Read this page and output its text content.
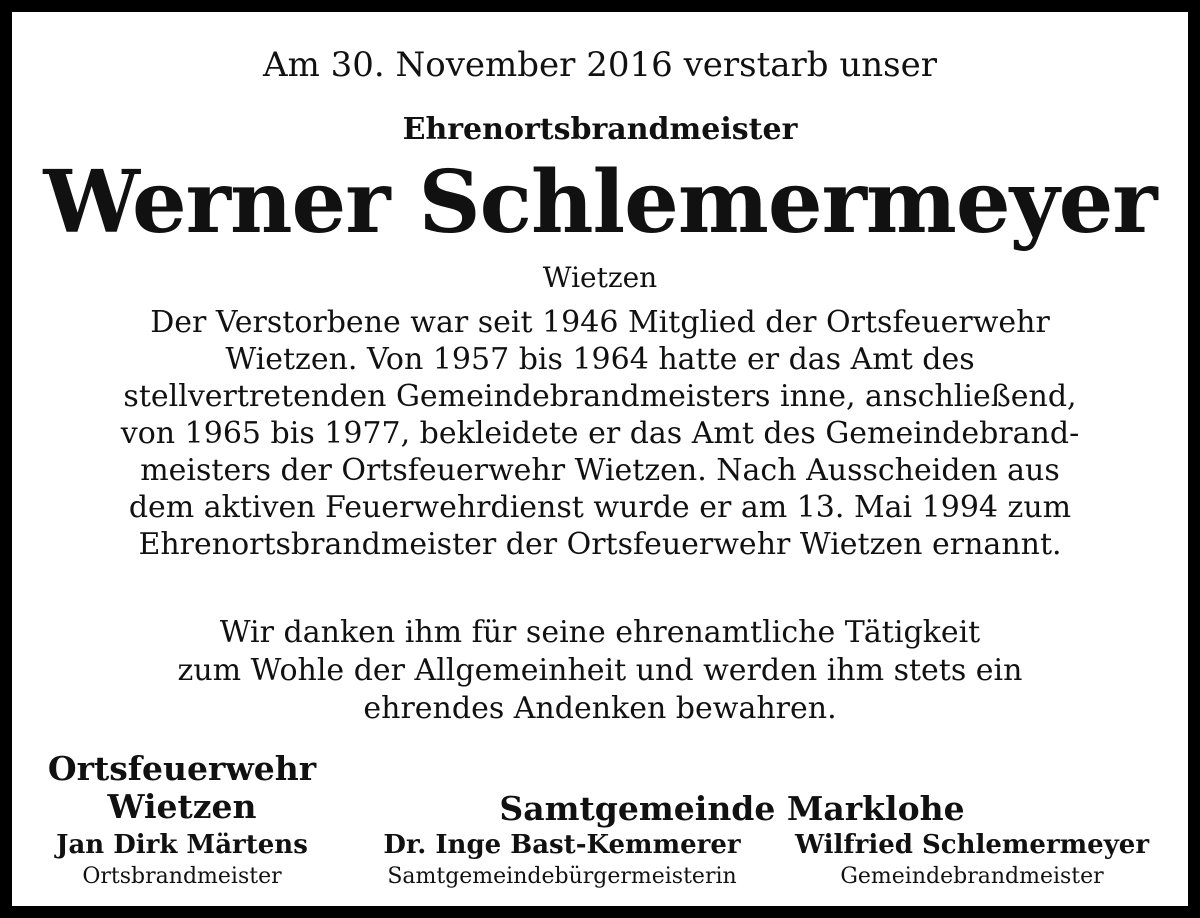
Am 30. November 2016 verstarb unser
Ehrenortsbrandmeister
Werner Schlemermeyer
Wietzen
Der Verstorbene war seit 1946 Mitglied der Ortsfeuerwehr
Wietzen. Von 1957 bis 1964 hatte er das Amt des
stellvertretenden Gemeindebrandmeisters inne, anschließend,
von 1965 bis 1977, bekleidete er das Amt des Gemeindebrand-
meisters der Ortsfeuerwehr Wietzen. Nach Ausscheiden aus
dem aktiven Feuerwehrdienst wurde er am 13. Mai 1994 zum
Ehrenortsbrandmeister der Ortsfeuerwehr Wietzen ernannt.
Wir danken ihm für seine ehrenamtliche Tätigkeit
zum Wohle der Allgemeinheit und werden ihm stets ein
ehrendes Andenken bewahren.
Ortsfeuerwehr
Wietzen	Samtgemeinde Marklohe
Jan Dirk Märtens	Dr. Inge Bast-Kemmerer	Wilfried Schlemermeyer
Ortsbrandmeister	Samtgemeindebürgermeisterin	Gemeindebrandmeister
